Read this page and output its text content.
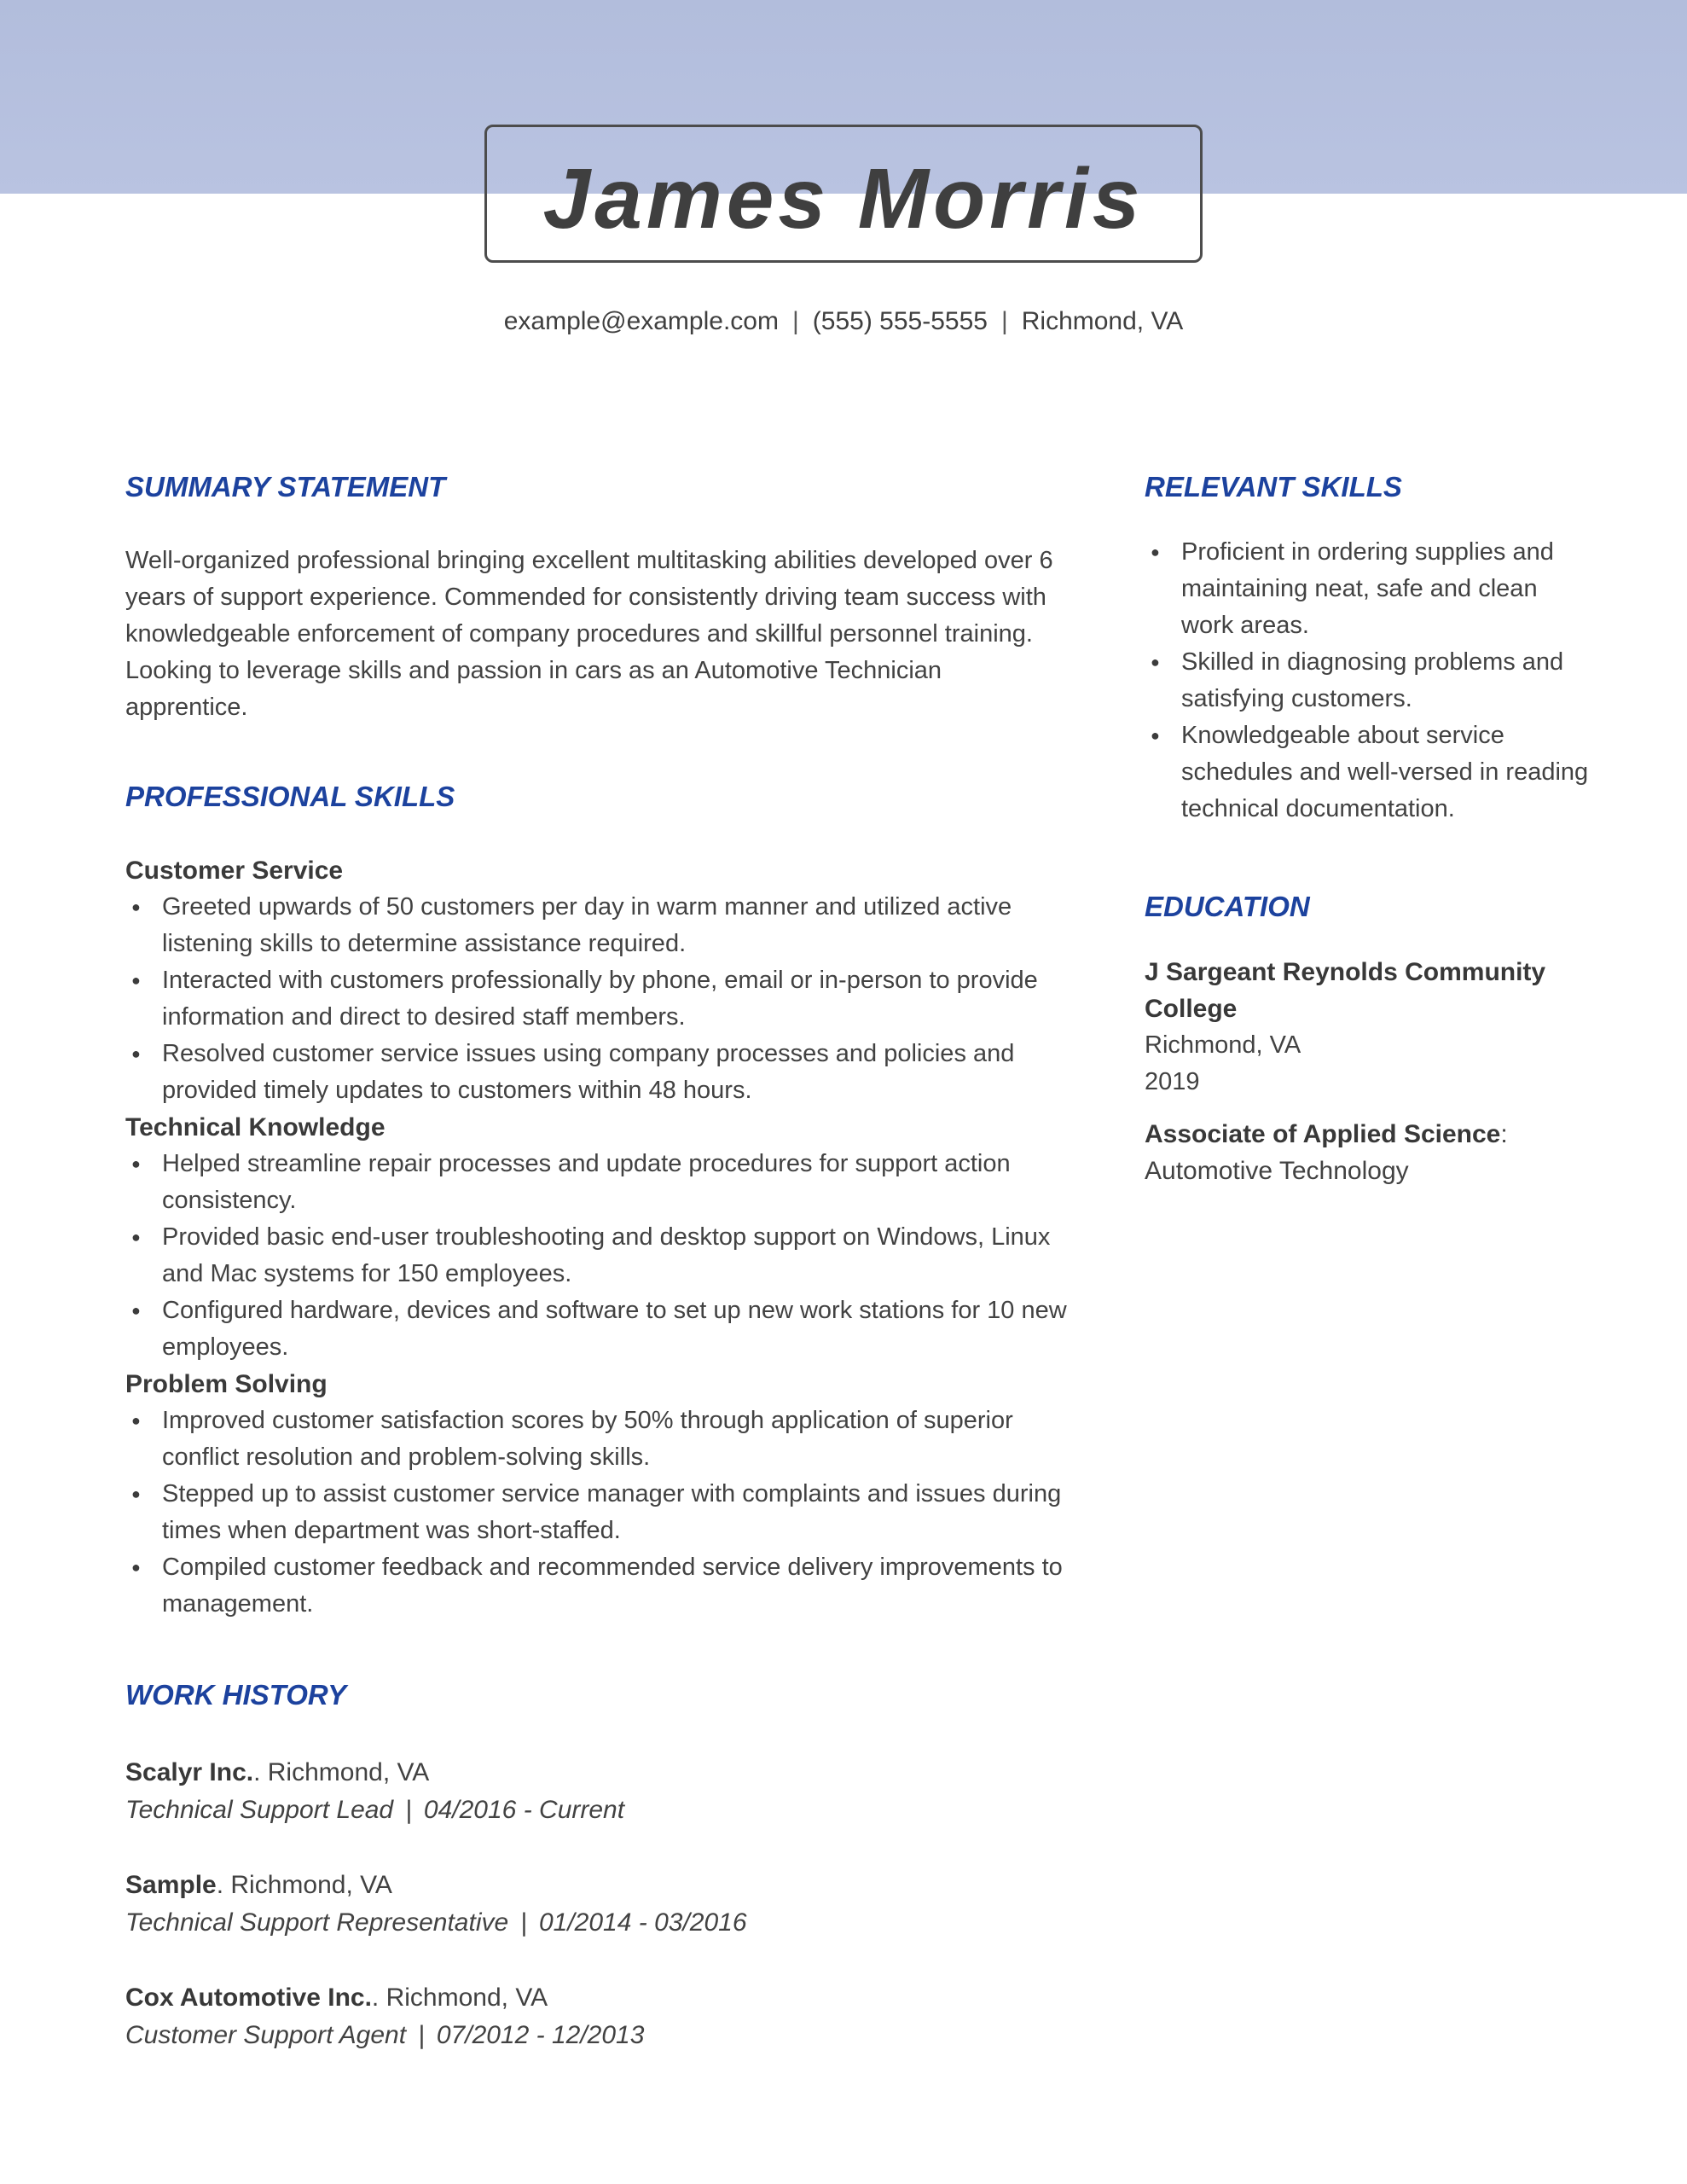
James Morris
example@example.com | (555) 555-5555 | Richmond, VA
SUMMARY STATEMENT

Well-organized professional bringing excellent multitasking abilities developed over 6 years of support experience. Commended for consistently driving team success with knowledgeable enforcement of company procedures and skillful personnel training. Looking to leverage skills and passion in cars as an Automotive Technician apprentice.

PROFESSIONAL SKILLS
Customer Service
● Greeted upwards of 50 customers per day in warm manner and utilized active listening skills to determine assistance required.
● Interacted with customers professionally by phone, email or in-person to provide information and direct to desired staff members.
● Resolved customer service issues using company processes and policies and provided timely updates to customers within 48 hours.
Technical Knowledge
● Helped streamline repair processes and update procedures for support action consistency.
● Provided basic end-user troubleshooting and desktop support on Windows, Linux and Mac systems for 150 employees.
● Configured hardware, devices and software to set up new work stations for 10 new employees.
Problem Solving
● Improved customer satisfaction scores by 50% through application of superior conflict resolution and problem-solving skills.
● Stepped up to assist customer service manager with complaints and issues during times when department was short-staffed.
● Compiled customer feedback and recommended service delivery improvements to management.
WORK HISTORY
Scalyr Inc.. Richmond, VA
Technical Support Lead | 04/2016 - Current
Sample. Richmond, VA
Technical Support Representative | 01/2014 - 03/2016
Cox Automotive Inc.. Richmond, VA
Customer Support Agent | 07/2012 - 12/2013
RELEVANT SKILLS
● Proficient in ordering supplies and maintaining neat, safe and clean work areas.
● Skilled in diagnosing problems and satisfying customers.
● Knowledgeable about service schedules and well-versed in reading technical documentation.
EDUCATION

J Sargeant Reynolds Community College

Richmond, VA

2019

Associate of Applied Science: Automotive Technology
